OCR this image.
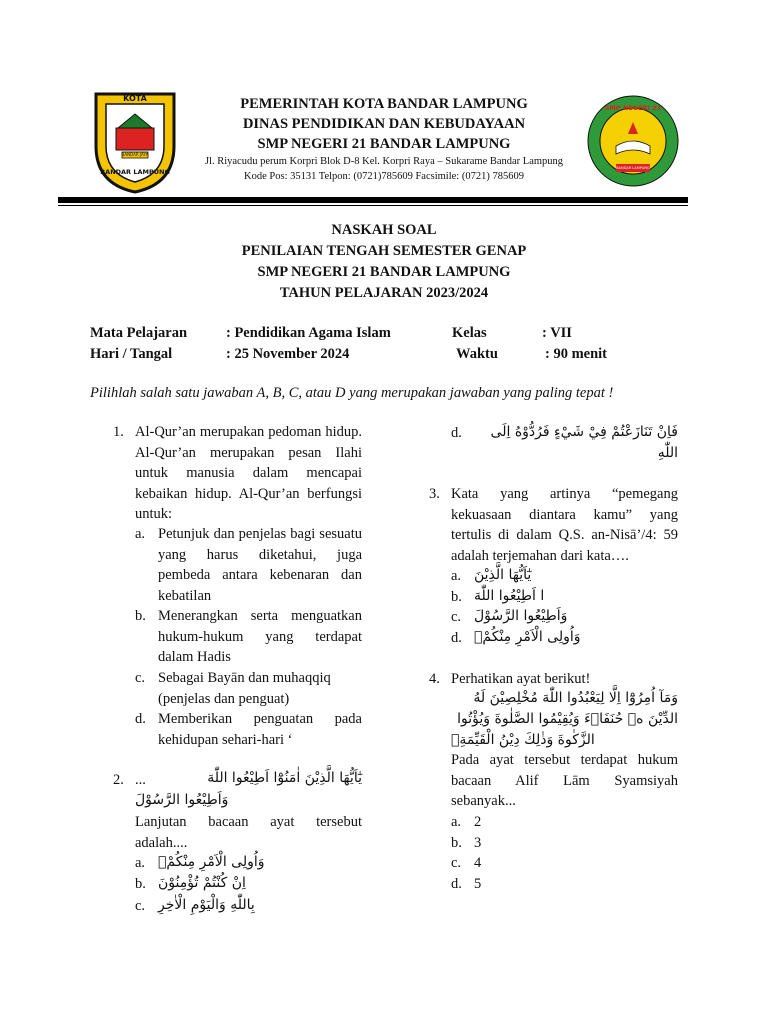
KOTA
BANDAR JAYA
BANDAR LAMPUNG
PEMERINTAH KOTA BANDAR LAMPUNG
DINAS PENDIDIKAN DAN KEBUDAYAAN
SMP NEGERI 21 BANDAR LAMPUNG
Jl. Riyacudu perum Korpri Blok D-8 Kel. Korpri Raya – Sukarame Bandar Lampung
Kode Pos: 35131 Telpon: (0721)785609 Facsimile: (0721) 785609
SMP NEGERI 21
BANDAR LAMPUNG
NASKAH SOAL
PENILAIAN TENGAH SEMESTER GENAP
SMP NEGERI 21 BANDAR LAMPUNG
TAHUN PELAJARAN 2023/2024
Mata Pelajaran	: Pendidikan Agama Islam	Kelas	: VII
Hari / Tangal	: 25 November 2024	Waktu	: 90 menit
Pilihlah salah satu jawaban A, B, C, atau D yang merupakan jawaban yang paling tepat !
1. Al-Qur’an merupakan pedoman hidup. Al-Qur’an merupakan pesan Ilahi untuk manusia dalam mencapai kebaikan hidup. Al-Qur’an berfungsi untuk:
a. Petunjuk dan penjelas bagi sesuatu yang harus diketahui, juga pembeda antara kebenaran dan kebatilan
b. Menerangkan serta menguatkan hukum-hukum yang terdapat dalam Hadis
c. Sebagai Bayān dan muhaqqiq (penjelas dan penguat)
d. Memberikan penguatan pada kehidupan sehari-hari ‘
2. ...	يٰٓاَيُّهَا الَّذِيْنَ اٰمَنُوْٓا اَطِيْعُوا اللّٰهَ
وَاَطِيْعُوا الرَّسُوْلَ
Lanjutan bacaan ayat tersebut adalah....
a. وَاُولِى الْاَمْرِ مِنْكُمْۚ
b. اِنْ كُنْتُمْ تُؤْمِنُوْنَ
c. بِاللّٰهِ وَالْيَوْمِ الْاٰخِرِ
d.	فَاِنْ تَنَازَعْتُمْ فِيْ شَيْءٍ فَرُدُّوْهُ اِلَى اللّٰهِ
3. Kata yang artinya “pemegang kekuasaan diantara kamu” yang tertulis di dalam Q.S. an-Nisā’/4: 59 adalah terjemahan dari kata….
a. يٰٓاَيُّهَا الَّذِيْنَ
b. ا اَطِيْعُوا اللّٰهَ
c. وَاَطِيْعُوا الرَّسُوْلَ
d. وَاُولِى الْاَمْرِ مِنْكُمْۚ
4. Perhatikan ayat berikut!
وَمَآ اُمِرُوْٓا اِلَّا لِيَعْبُدُوا اللّٰهَ مُخْلِصِيْنَ لَهُ
الدِّيْنَ ەۙ حُنَفَاۤءَ وَيُقِيْمُوا الصَّلٰوةَ وَيُؤْتُوا
الزَّكٰوةَ وَذٰلِكَ دِيْنُ الْقَيِّمَةِۗ
Pada ayat tersebut terdapat hukum bacaan Alif Lām Syamsiyah sebanyak...
a. 2
b. 3
c. 4
d. 5
